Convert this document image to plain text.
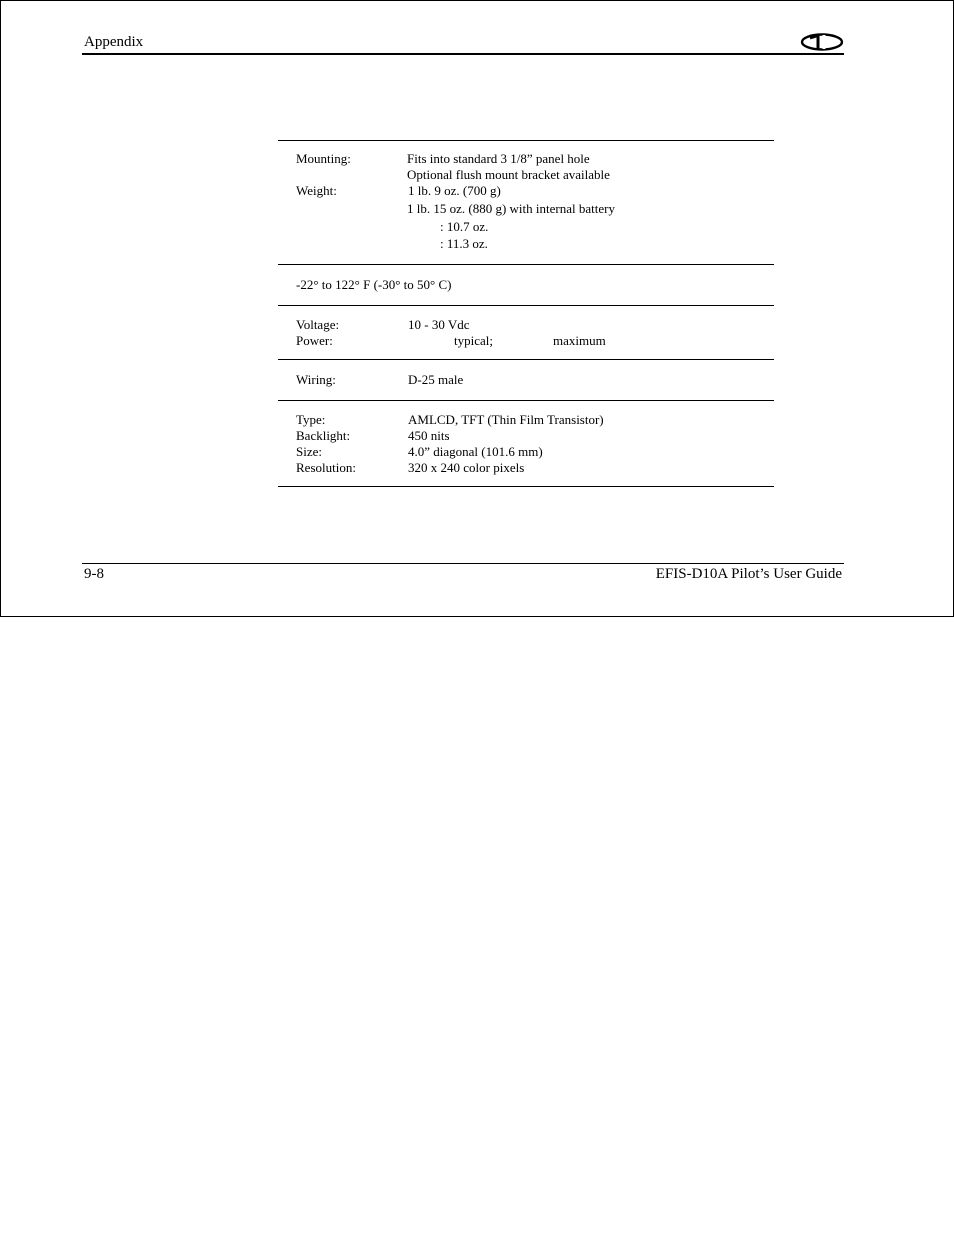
Appendix
Mounting:	Fits into standard 3 1/8” panel hole
Optional flush mount bracket available
Weight:	1 lb. 9 oz. (700 g)
1 lb. 15 oz. (880 g) with internal battery
: 10.7 oz.
: 11.3 oz.
-22° to 122° F (-30° to 50° C)
Voltage:	10 - 30 Vdc
Power:	typical;	maximum
Wiring:	D-25 male
Type:	AMLCD, TFT (Thin Film Transistor)
Backlight:	450 nits
Size:	4.0” diagonal (101.6 mm)
Resolution:	320 x 240 color pixels
9-8	EFIS-D10A Pilot’s User Guide
